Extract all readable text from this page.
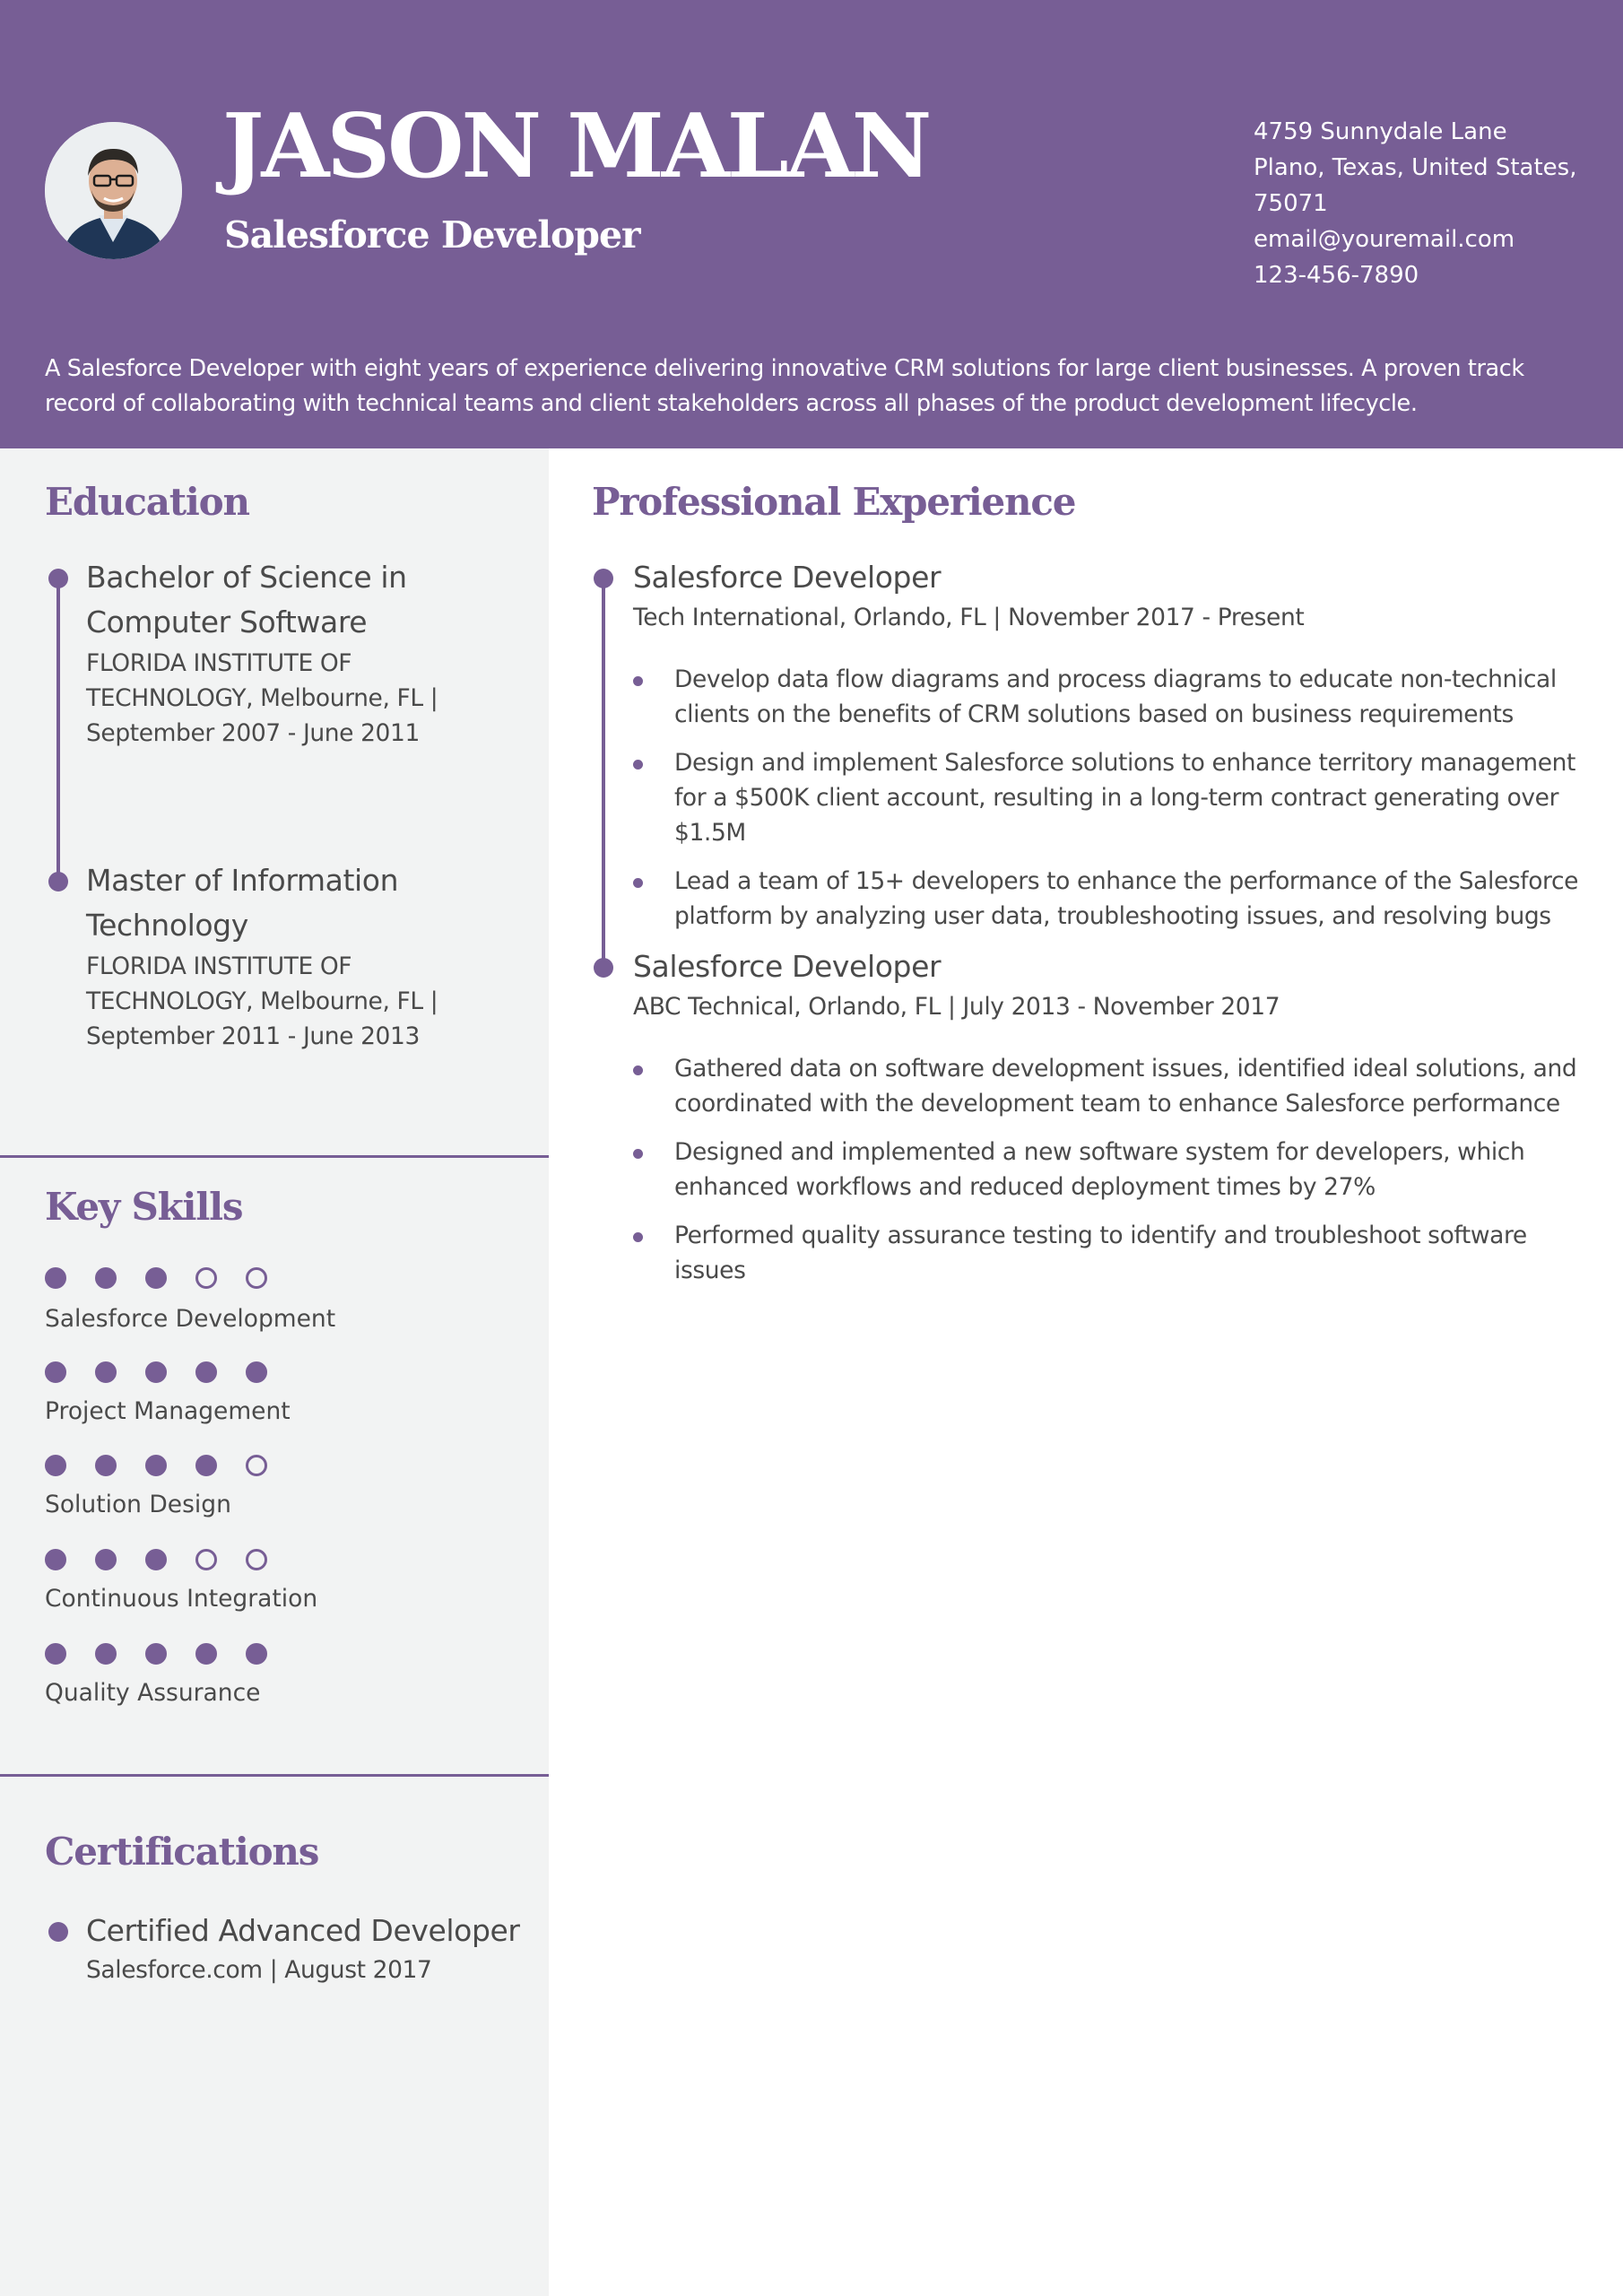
JASON MALAN
Salesforce Developer
4759 Sunnydale Lane
Plano, Texas, United States,
75071
email@youremail.com
123-456-7890
A Salesforce Developer with eight years of experience delivering innovative CRM solutions for large client businesses. A proven track record of collaborating with technical teams and client stakeholders across all phases of the product development lifecycle.
Education
Bachelor of Science in Computer Software
FLORIDA INSTITUTE OF TECHNOLOGY, Melbourne, FL | September 2007 - June 2011
Master of Information Technology
FLORIDA INSTITUTE OF TECHNOLOGY, Melbourne, FL | September 2011 - June 2013
Key Skills
Salesforce Development
Project Management
Solution Design
Continuous Integration
Quality Assurance
Certifications
Certified Advanced Developer
Salesforce.com | August 2017
Professional Experience
Salesforce Developer
Tech International, Orlando, FL | November 2017 - Present
Develop data flow diagrams and process diagrams to educate non-technical clients on the benefits of CRM solutions based on business requirements
Design and implement Salesforce solutions to enhance territory management for a $500K client account, resulting in a long-term contract generating over $1.5M
Lead a team of 15+ developers to enhance the performance of the Salesforce platform by analyzing user data, troubleshooting issues, and resolving bugs
Salesforce Developer
ABC Technical, Orlando, FL | July 2013 - November 2017
Gathered data on software development issues, identified ideal solutions, and coordinated with the development team to enhance Salesforce performance
Designed and implemented a new software system for developers, which enhanced workflows and reduced deployment times by 27%
Performed quality assurance testing to identify and troubleshoot software issues
